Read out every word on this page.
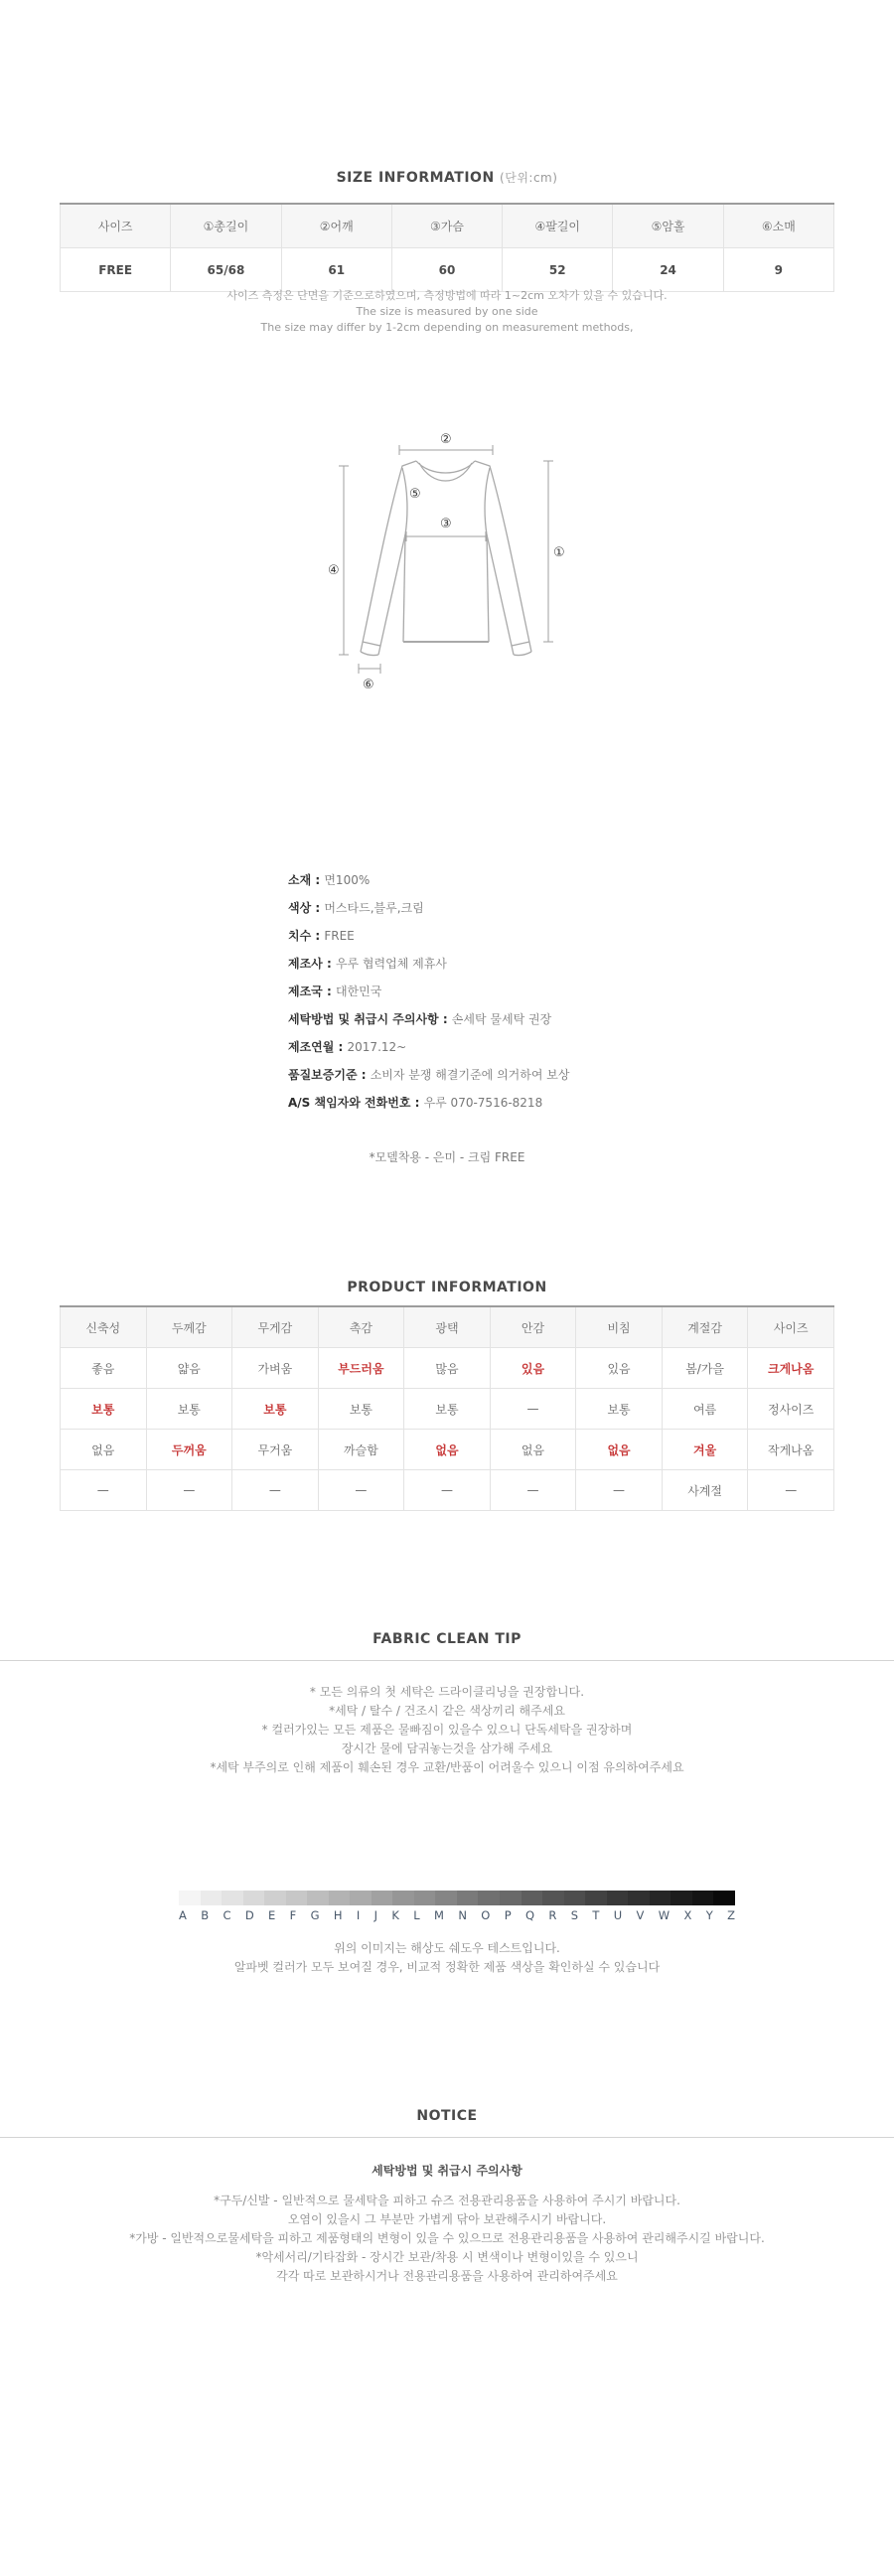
SIZE INFORMATION (단위:cm)
사이즈	①총길이	②어깨	③가슴	④팔길이	⑤암홀	⑥소매
FREE	65/68	61	60	52	24	9

사이즈 측정은 단면을 기준으로하였으며, 측정방법에 따라 1~2cm 오차가 있을 수 있습니다.

The size is measured by one side

The size may differ by 1-2cm depending on measurement methods,

②
①
④
⑤
③
⑥
소재 : 면100%
색상 : 머스타드,블루,크림
치수 : FREE
제조사 : 우루 협력업체 제휴사
제조국 : 대한민국
세탁방법 및 취급시 주의사항 : 손세탁 물세탁 권장
제조연월 : 2017.12~
품질보증기준 : 소비자 분쟁 해결기준에 의거하여 보상
A/S 책임자와 전화번호 : 우루 070-7516-8218
*모델착용 - 은미 - 크림 FREE
PRODUCT INFORMATION
신축성	두께감	무게감	촉감	광택	안감	비침	계절감	사이즈
좋음	얇음	가벼움	부드러움	많음	있음	있음	봄/가을	크게나옴
보통	보통	보통	보통	보통	—	보통	여름	정사이즈
없음	두꺼움	무거움	까슬함	없음	없음	없음	겨울	작게나옴
—	—	—	—	—	—	—	사계절	—
FABRIC CLEAN TIP

* 모든 의류의 첫 세탁은 드라이클리닝을 권장합니다.

*세탁 / 탈수 / 건조시 같은 색상끼리 해주세요

* 컬러가있는 모든 제품은 물빠짐이 있을수 있으니 단독세탁을 권장하며

장시간 물에 담궈놓는것을 삼가해 주세요

*세탁 부주의로 인해 제품이 훼손된 경우 교환/반품이 어려울수 있으니 이점 유의하여주세요

A B C D E F G H I J K L M N O P Q R S T U V W X Y Z

위의 이미지는 해상도 쉐도우 테스트입니다.

알파벳 컬러가 모두 보여질 경우, 비교적 정확한 제품 색상을 확인하실 수 있습니다

NOTICE
세탁방법 및 취급시 주의사항

*구두/신발 - 일반적으로 물세탁을 피하고 슈즈 전용관리용품을 사용하여 주시기 바랍니다.

오염이 있을시 그 부분만 가볍게 닦아 보관해주시기 바랍니다.

*가방 - 일반적으로물세탁을 피하고 제품형태의 변형이 있을 수 있으므로 전용관리용품을 사용하여 관리해주시길 바랍니다.

*악세서리/기타잡화 - 장시간 보관/착용 시 변색이나 변형이있을 수 있으니

각각 따로 보관하시거나 전용관리용품을 사용하여 관리하여주세요
